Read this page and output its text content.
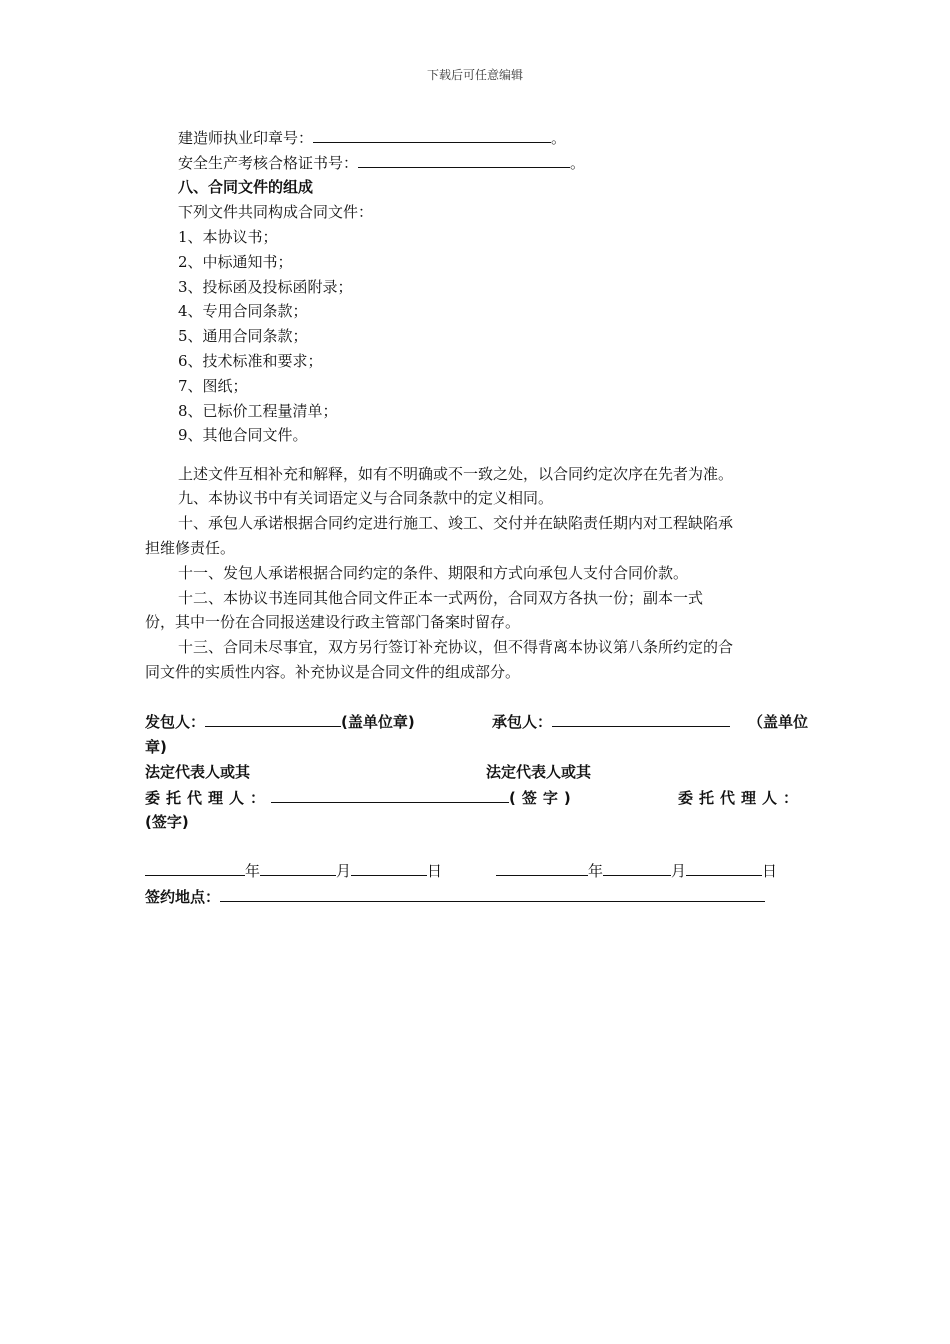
下载后可任意编辑
建造师执业印章号：	。
安全生产考核合格证书号：	。
八、合同文件的组成
下列文件共同构成合同文件：
1、本协议书；
2、中标通知书；
3、投标函及投标函附录；
4、专用合同条款；
5、通用合同条款；
6、技术标准和要求；
7、图纸；
8、已标价工程量清单；
9、其他合同文件。
上述文件互相补充和解释，如有不明确或不一致之处，以合同约定次序在先者为准。
九、本协议书中有关词语定义与合同条款中的定义相同。
十、承包人承诺根据合同约定进行施工、竣工、交付并在缺陷责任期内对工程缺陷承
担维修责任。
十一、发包人承诺根据合同约定的条件、期限和方式向承包人支付合同价款。
十二、本协议书连同其他合同文件正本一式两份，合同双方各执一份；副本一式
份，其中一份在合同报送建设行政主管部门备案时留存。
十三、合同未尽事宜，双方另行签订补充协议，但不得背离本协议第八条所约定的合
同文件的实质性内容。补充协议是合同文件的组成部分。
发包人：	(盖单位章)	承包人：	（盖单位
章)
法定代表人或其	法定代表人或其
委托代理人：	(签字)	委托代理人：
(签字)
年	月	日	年	月	日
签约地点：
